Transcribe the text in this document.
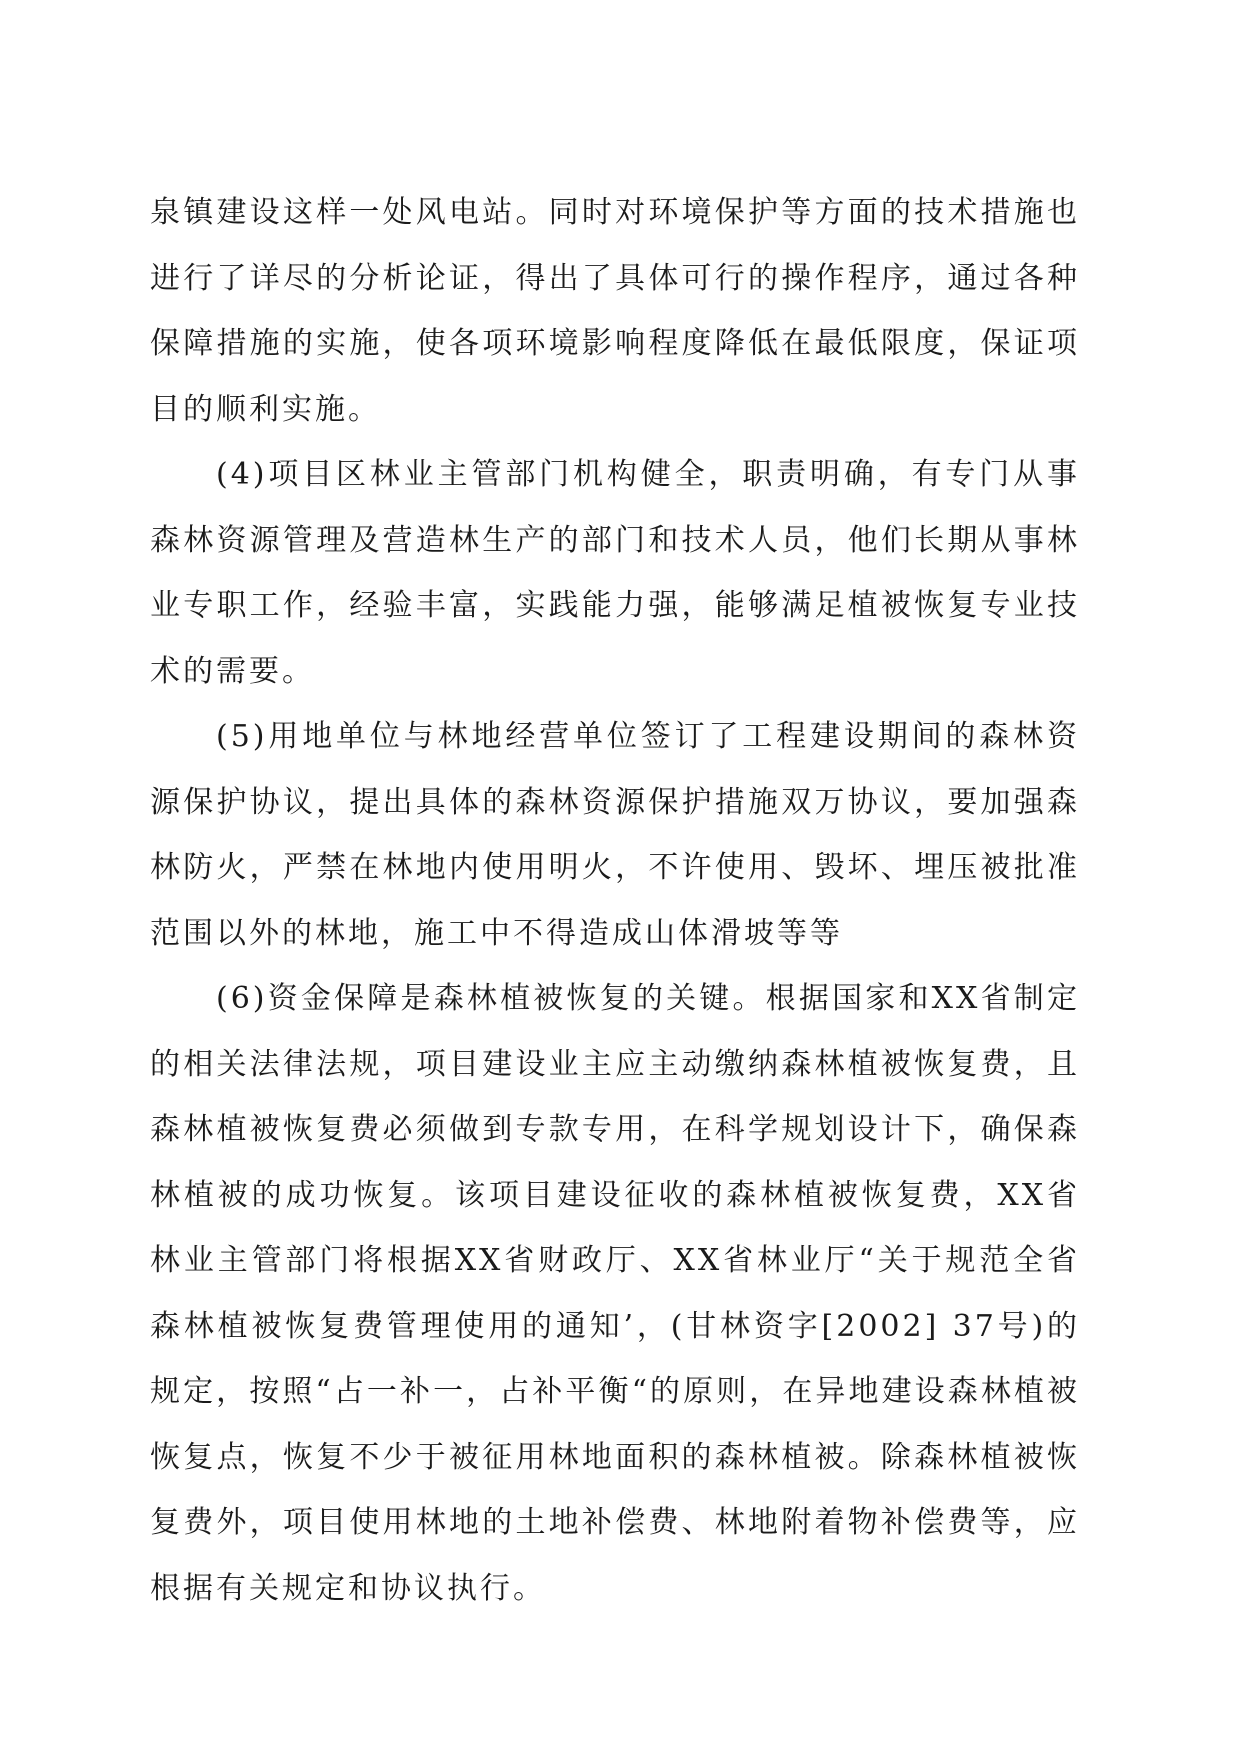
泉镇建设这样一处风电站。同时对环境保护等方面的技术措施也进行了详尽的分析论证，得出了具体可行的操作程序，通过各种保障措施的实施，使各项环境影响程度降低在最低限度，保证项目的顺利实施。

(4)项目区林业主管部门机构健全，职责明确，有专门从事森林资源管理及营造林生产的部门和技术人员，他们长期从事林业专职工作，经验丰富，实践能力强，能够满足植被恢复专业技术的需要。

(5)用地单位与林地经营单位签订了工程建设期间的森林资源保护协议，提出具体的森林资源保护措施双万协议，要加强森林防火，严禁在林地内使用明火，不许使用、毁坏、埋压被批准范围以外的林地，施工中不得造成山体滑坡等等

(6)资金保障是森林植被恢复的关键。根据国家和XX省制定的相关法律法规，项目建设业主应主动缴纳森林植被恢复费，且森林植被恢复费必须做到专款专用，在科学规划设计下，确保森林植被的成功恢复。该项目建设征收的森林植被恢复费，XX省林业主管部门将根据XX省财政厅、XX省林业厅“关于规范全省森林植被恢复费管理使用的通知’，(甘林资字[2002] 37号)的规定，按照“占一补一，占补平衡“的原则，在异地建设森林植被恢复点，恢复不少于被征用林地面积的森林植被。除森林植被恢复费外，项目使用林地的土地补偿费、林地附着物补偿费等，应根据有关规定和协议执行。
